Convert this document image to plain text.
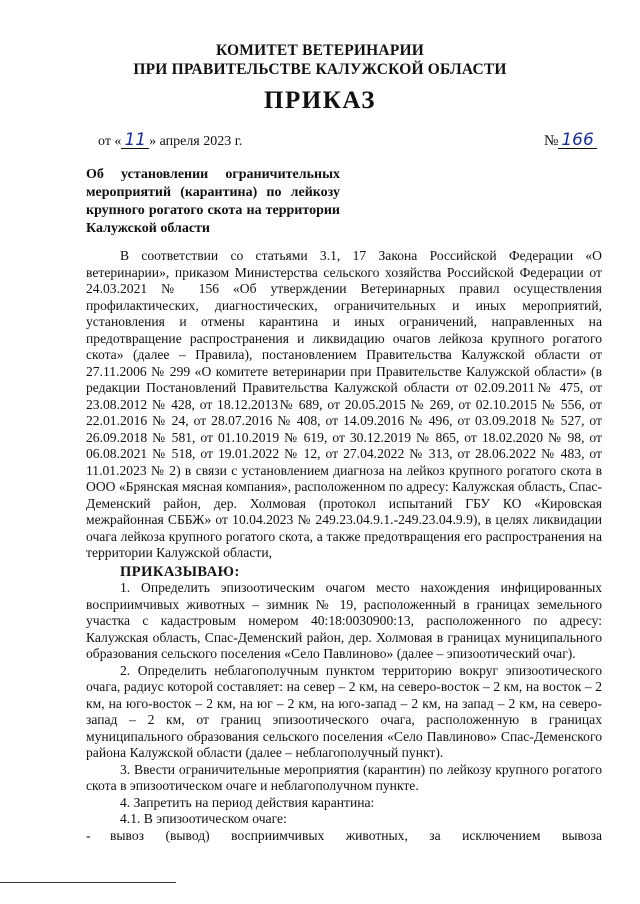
КОМИТЕТ ВЕТЕРИНАРИИ
ПРИ ПРАВИТЕЛЬСТВЕ КАЛУЖСКОЙ ОБЛАСТИ
ПРИКАЗ
от « 11 » апреля 2023 г.	№ 166
Об установлении ограничительных мероприятий (карантина) по лейкозу крупного рогатого скота на территории Калужской области

В соответствии со статьями 3.1, 17 Закона Российской Федерации «О ветеринарии», приказом Министерства сельского хозяйства Российской Федерации от 24.03.2021 № 156 «Об утверждении Ветеринарных правил осуществления профилактических, диагностических, ограничительных и иных мероприятий, установления и отмены карантина и иных ограничений, направленных на предотвращение распространения и ликвидацию очагов лейкоза крупного рогатого скота» (далее – Правила), постановлением Правительства Калужской области от 27.11.2006 № 299 «О комитете ветеринарии при Правительстве Калужской области» (в редакции Постановлений Правительства Калужской области от 02.09.2011№ 475, от 23.08.2012 № 428, от 18.12.2013№ 689, от 20.05.2015 № 269, от 02.10.2015 № 556, от 22.01.2016 № 24, от 28.07.2016 № 408, от 14.09.2016 № 496, от 03.09.2018 № 527, от 26.09.2018 № 581, от 01.10.2019 № 619, от 30.12.2019 № 865, от 18.02.2020 № 98, от 06.08.2021 № 518, от 19.01.2022 № 12, от 27.04.2022 № 313, от 28.06.2022 № 483, от 11.01.2023 № 2) в связи с установлением диагноза на лейкоз крупного рогатого скота в ООО «Брянская мясная компания», расположенном по адресу: Калужская область, Спас-Деменский район, дер. Холмовая (протокол испытаний ГБУ КО «Кировская межрайонная СББЖ» от 10.04.2023 № 249.23.04.9.1.-249.23.04.9.9), в целях ликвидации очага лейкоза крупного рогатого скота, а также предотвращения его распространения на территории Калужской области,

ПРИКАЗЫВАЮ:

1. Определить эпизоотическим очагом место нахождения инфицированных восприимчивых животных – зимник № 19, расположенный в границах земельного участка с кадастровым номером 40:18:0030900:13, расположенного по адресу: Калужская область, Спас-Деменский район, дер. Холмовая в границах муниципального образования сельского поселения «Село Павлиново» (далее – эпизоотический очаг).

2. Определить неблагополучным пунктом территорию вокруг эпизоотического очага, радиус которой составляет: на север – 2 км, на северо-восток – 2 км, на восток – 2 км, на юго-восток – 2 км, на юг – 2 км, на юго-запад – 2 км, на запад – 2 км, на северо-запад – 2 км, от границ эпизоотического очага, расположенную в границах муниципального образования сельского поселения «Село Павлиново» Спас-Деменского района Калужской области (далее – неблагополучный пункт).

3. Ввести ограничительные мероприятия (карантин) по лейкозу крупного рогатого скота в эпизоотическом очаге и неблагополучном пункте.

4. Запретить на период действия карантина:

4.1. В эпизоотическом очаге:

-	вывоз (вывод) восприимчивых животных, за исключением вывоза
